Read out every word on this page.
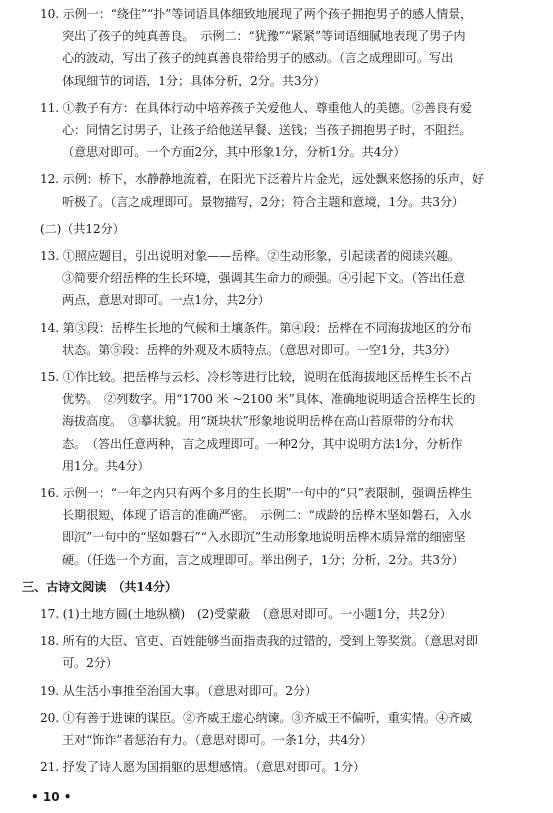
10. 示例一：“绕住”“扑”等词语具体细致地展现了两个孩子拥抱男子的感人情景，
突出了孩子的纯真善良。　示例二：“犹豫”“紧紧”等词语细腻地表现了男子内
心的波动，写出了孩子的纯真善良带给男子的感动。（言之成理即可。写出
体现细节的词语，1分；具体分析，2分。共3分）
11. ①教子有方：在具体行动中培养孩子关爱他人、尊重他人的美德。②善良有爱
心：同情乞讨男子，让孩子给他送早餐、送钱；当孩子拥抱男子时，不阻拦。
（意思对即可。一个方面2分，其中形象1分，分析1分。共4分）
12. 示例：桥下，水静静地流着，在阳光下泛着片片金光，远处飘来悠扬的乐声，好
听极了。（言之成理即可。景物描写，2分；符合主题和意境，1分。共3分）
(二)（共12分）
13. ①照应题目，引出说明对象——岳桦。②生动形象，引起读者的阅读兴趣。
③简要介绍岳桦的生长环境，强调其生命力的顽强。④引起下文。（答出任意
两点，意思对即可。一点1分，共2分）
14. 第③段：岳桦生长地的气候和土壤条件。第④段：岳桦在不同海拔地区的分布
状态。第⑤段：岳桦的外观及木质特点。（意思对即可。一空1分，共3分）
15. ①作比较。把岳桦与云杉、冷杉等进行比较，说明在低海拔地区岳桦生长不占
优势。　②列数字。用“1700 米 ~2100 米”具体、准确地说明适合岳桦生长的
海拔高度。　③摹状貌。用“斑块状”形象地说明岳桦在高山苔原带的分布状
态。　（答出任意两种，言之成理即可。一种2分，其中说明方法1分，分析作
用1分。共4分）
16. 示例一：“一年之内只有两个多月的生长期”一句中的“只”表限制，强调岳桦生
长期很短，体现了语言的准确严密。　示例二：“成龄的岳桦木坚如磐石，入水
即沉”一句中的“坚如磐石”“入水即沉”生动形象地说明岳桦木质异常的细密坚
硬。（任选一个方面，言之成理即可。举出例子，1分；分析，2分。共3分）
三、古诗文阅读　（共14分）
17. (1)土地方圆(土地纵横)　(2)受蒙蔽　（意思对即可。一小题1分，共2分）
18. 所有的大臣、官吏、百姓能够当面指责我的过错的，受到上等奖赏。（意思对即
可。2分）
19. 从生活小事推至治国大事。（意思对即可。2分）
20. ①有善于进谏的谋臣。②齐威王虚心纳谏。③齐威王不偏听，重实情。④齐威
王对“饰诈”者惩治有力。（意思对即可。一条1分，共4分）
21. 抒发了诗人愿为国捐躯的思想感情。（意思对即可。1分）
• 10 •
